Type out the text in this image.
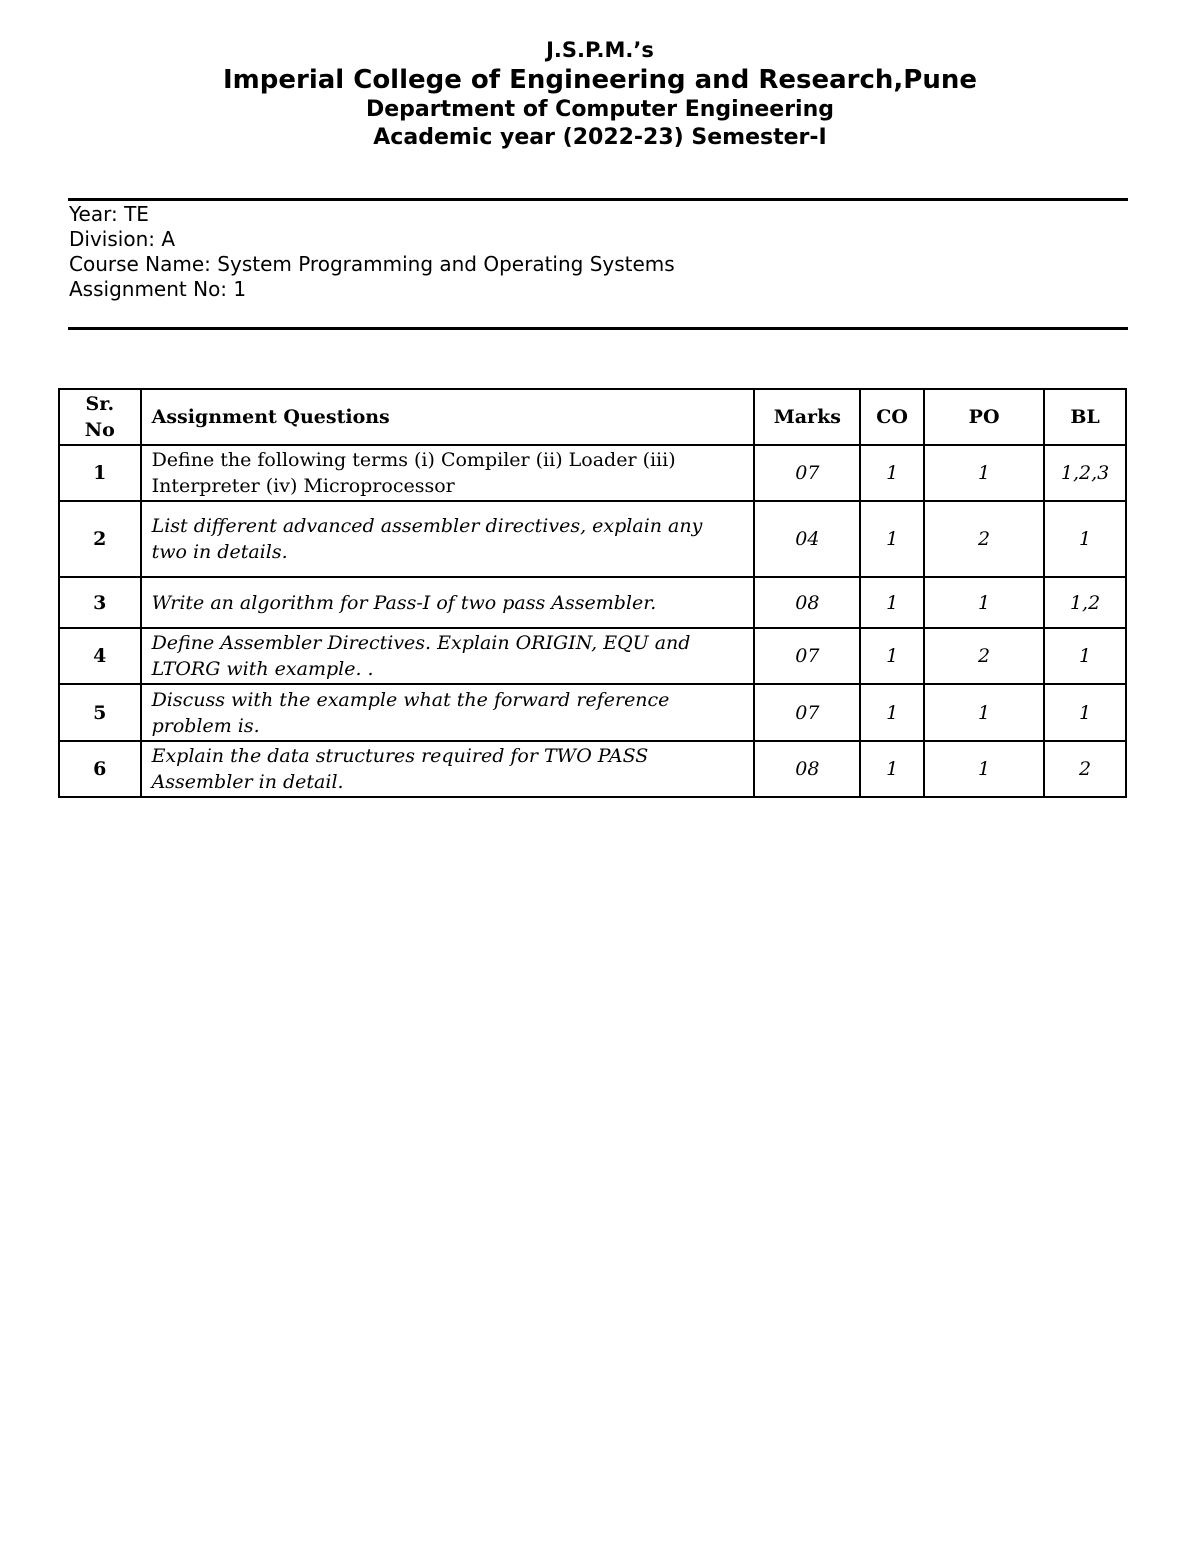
J.S.P.M.’s
Imperial College of Engineering and Research,Pune
Department of Computer Engineering
Academic year (2022-23) Semester-I
Year: TE
Division: A
Course Name: System Programming and Operating Systems
Assignment No: 1
Sr.
No	Assignment Questions	Marks	CO	PO	BL
1	Define the following terms (i) Compiler (ii) Loader (iii) Interpreter (iv) Microprocessor	07	1	1	1,2,3
2	List different advanced assembler directives, explain any two in details.	04	1	2	1
3	Write an algorithm for Pass-I of two pass Assembler.	08	1	1	1,2
4	Define Assembler Directives. Explain ORIGIN, EQU and LTORG with example. .	07	1	2	1
5	Discuss with the example what the forward reference problem is.	07	1	1	1
6	Explain the data structures required for TWO PASS Assembler in detail.	08	1	1	2
